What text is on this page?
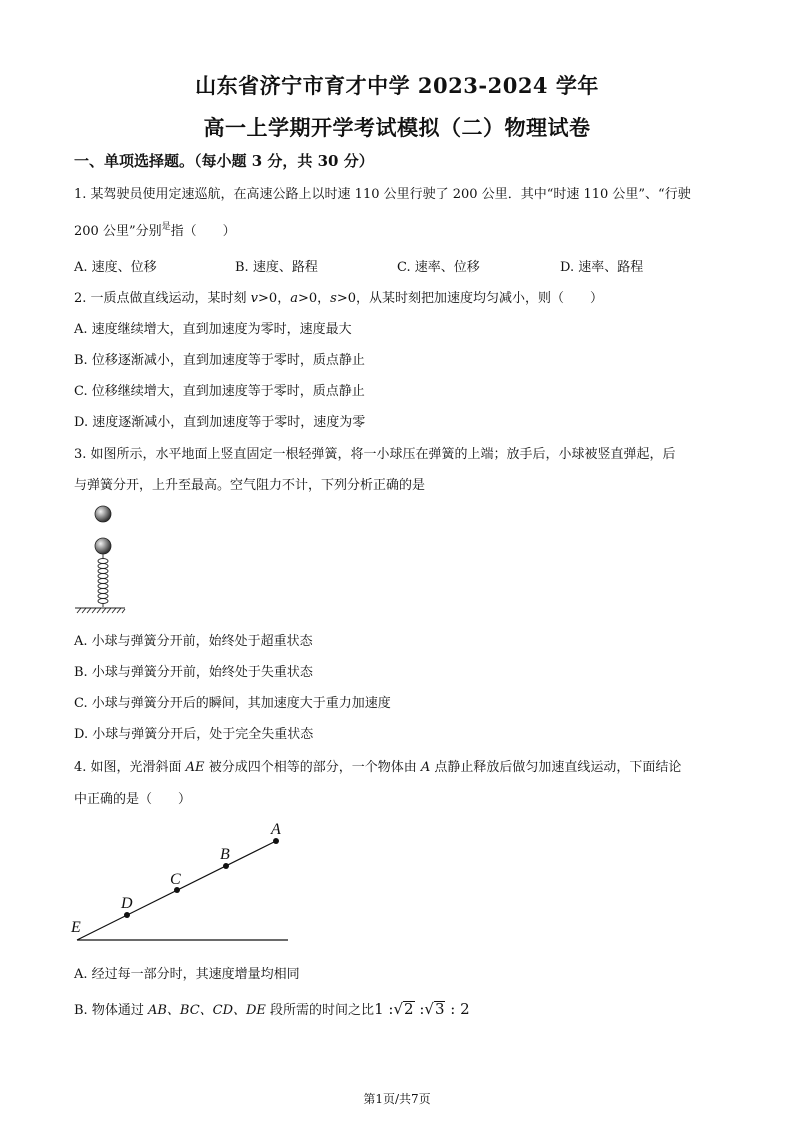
山东省济宁市育才中学 2023-2024 学年
高一上学期开学考试模拟（二）物理试卷
一、单项选择题。（每小题 3 分，共 30 分）
1. 某驾驶员使用定速巡航，在高速公路上以时速 110 公里行驶了 200 公里．其中“时速 110 公里”、“行驶
200 公里”分别$^是$指（　　）
A. 速度、位移	B. 速度、路程	C. 速率、位移	D. 速率、路程
2. 一质点做直线运动，某时刻 v>0，a>0，s>0，从某时刻把加速度均匀减小，则（　　）
A. 速度继续增大，直到加速度为零时，速度最大
B. 位移逐渐减小，直到加速度等于零时，质点静止
C. 位移继续增大，直到加速度等于零时，质点静止
D. 速度逐渐减小，直到加速度等于零时，速度为零
3. 如图所示，水平地面上竖直固定一根轻弹簧，将一小球压在弹簧的上端；放手后，小球被竖直弹起，后
与弹簧分开，上升至最高。空气阻力不计，下列分析正确的是
A. 小球与弹簧分开前，始终处于超重状态
B. 小球与弹簧分开前，始终处于失重状态
C. 小球与弹簧分开后的瞬间，其加速度大于重力加速度
D. 小球与弹簧分开后，处于完全失重状态
4. 如图，光滑斜面 AE 被分成四个相等的部分，一个物体由 A 点静止释放后做匀加速直线运动，下面结论
中正确的是（　　）
A
B
C
D
E
A. 经过每一部分时，其速度增量均相同
B. 物体通过 AB、BC、CD、DE 段所需的时间之比1 :√2 :√3 : 2
第1页/共7页
